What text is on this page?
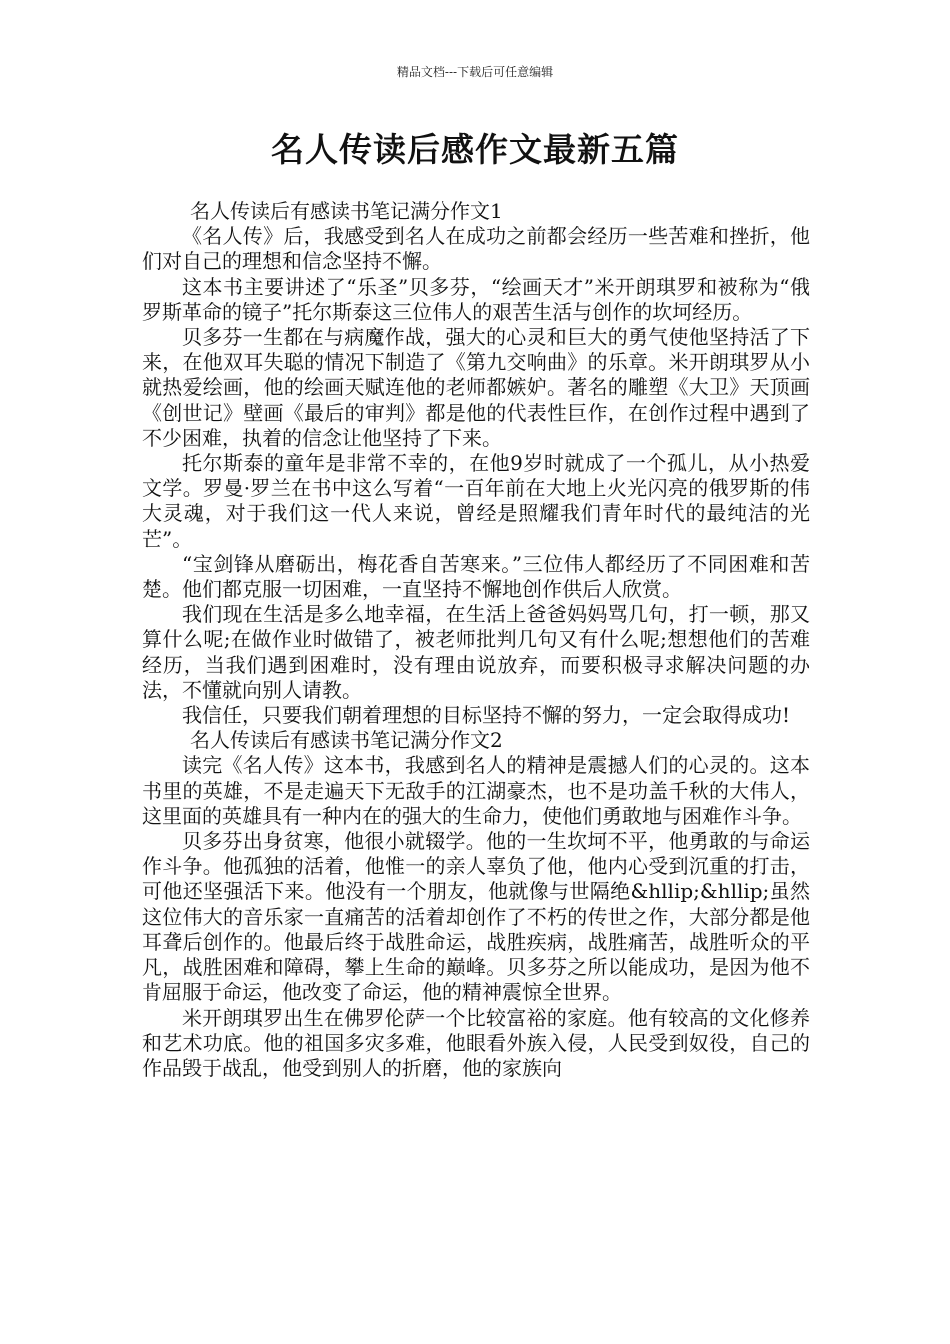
精品文档---下载后可任意编辑
名人传读后感作文最新五篇

名人传读后有感读书笔记满分作文1

《名人传》后，我感受到名人在成功之前都会经历一些苦难和挫折，他们对自己的理想和信念坚持不懈。

这本书主要讲述了“乐圣”贝多芬，“绘画天才”米开朗琪罗和被称为“俄罗斯革命的镜子”托尔斯泰这三位伟人的艰苦生活与创作的坎坷经历。

贝多芬一生都在与病魔作战，强大的心灵和巨大的勇气使他坚持活了下来，在他双耳失聪的情况下制造了《第九交响曲》的乐章。米开朗琪罗从小就热爱绘画，他的绘画天赋连他的老师都嫉妒。著名的雕塑《大卫》天顶画《创世记》壁画《最后的审判》都是他的代表性巨作，在创作过程中遇到了不少困难，执着的信念让他坚持了下来。

托尔斯泰的童年是非常不幸的，在他9岁时就成了一个孤儿，从小热爱文学。罗曼·罗兰在书中这么写着“一百年前在大地上火光闪亮的俄罗斯的伟大灵魂，对于我们这一代人来说，曾经是照耀我们青年时代的最纯洁的光芒”。

“宝剑锋从磨砺出，梅花香自苦寒来。”三位伟人都经历了不同困难和苦楚。他们都克服一切困难，一直坚持不懈地创作供后人欣赏。

我们现在生活是多么地幸福，在生活上爸爸妈妈骂几句，打一顿，那又算什么呢;在做作业时做错了，被老师批判几句又有什么呢;想想他们的苦难经历，当我们遇到困难时，没有理由说放弃，而要积极寻求解决问题的办法，不懂就向别人请教。

我信任，只要我们朝着理想的目标坚持不懈的努力，一定会取得成功!

名人传读后有感读书笔记满分作文2

读完《名人传》这本书，我感到名人的精神是震撼人们的心灵的。这本书里的英雄，不是走遍天下无敌手的江湖豪杰，也不是功盖千秋的大伟人，这里面的英雄具有一种内在的强大的生命力，使他们勇敢地与困难作斗争。

贝多芬出身贫寒，他很小就辍学。他的一生坎坷不平，他勇敢的与命运作斗争。他孤独的活着，他惟一的亲人辜负了他，他内心受到沉重的打击，可他还坚强活下来。他没有一个朋友，他就像与世隔绝&hllip;&hllip;虽然这位伟大的音乐家一直痛苦的活着却创作了不朽的传世之作，大部分都是他耳聋后创作的。他最后终于战胜命运，战胜疾病，战胜痛苦，战胜听众的平凡，战胜困难和障碍，攀上生命的巅峰。贝多芬之所以能成功，是因为他不肯屈服于命运，他改变了命运，他的精神震惊全世界。

米开朗琪罗出生在佛罗伦萨一个比较富裕的家庭。他有较高的文化修养和艺术功底。他的祖国多灾多难，他眼看外族入侵，人民受到奴役，自己的作品毁于战乱，他受到别人的折磨，他的家族向
